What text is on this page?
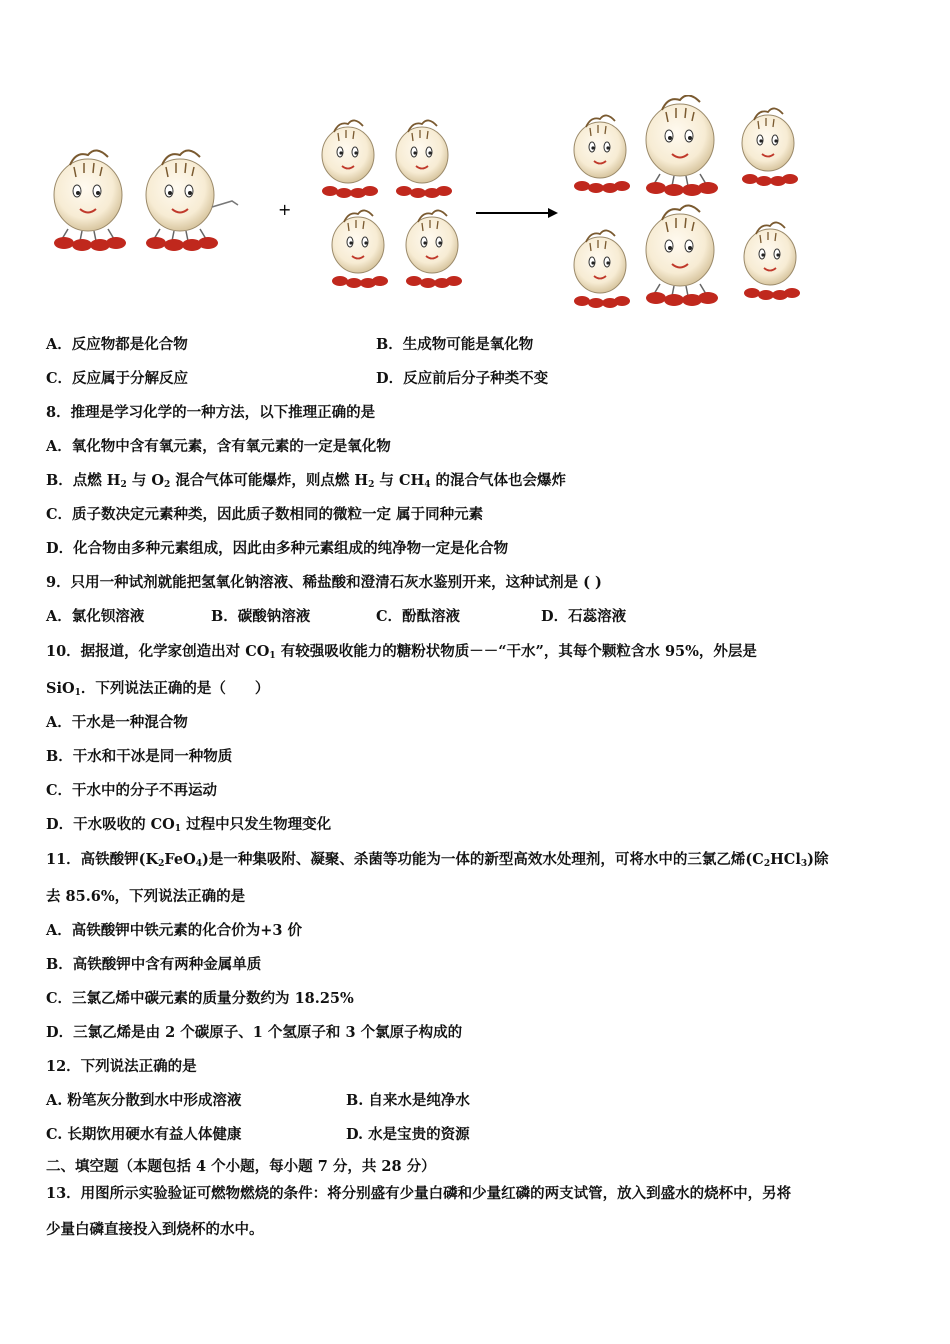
+
A．反应物都是化合物	B．生成物可能是氧化物
C．反应属于分解反应	D．反应前后分子种类不变
8．推理是学习化学的一种方法，以下推理正确的是
A．氧化物中含有氧元素，含有氧元素的一定是氧化物
B．点燃 $H_2$ 与 $O_2$ 混合气体可能爆炸，则点燃 $H_2$ 与 $CH_4$ 的混合气体也会爆炸
C．质子数决定元素种类，因此质子数相同的微粒一定 属于同种元素
D．化合物由多种元素组成，因此由多种元素组成的纯净物一定是化合物
9．只用一种试剂就能把氢氧化钠溶液、稀盐酸和澄清石灰水鉴别开来，这种试剂是 ( )
A．氯化钡溶液	B．碳酸钠溶液	C．酚酞溶液	D．石蕊溶液
10．据报道，化学家创造出对 $CO_1$ 有较强吸收能力的糖粉状物质－－“干水”，其每个颗粒含水 95%，外层是
SiO$_1$．下列说法正确的是（　　）
A．干水是一种混合物
B．干水和干冰是同一种物质
C．干水中的分子不再运动
D．干水吸收的 $CO_1$ 过程中只发生物理变化
11．高铁酸钾$(K_2FeO_4)$是一种集吸附、凝聚、杀菌等功能为一体的新型高效水处理剂，可将水中的三氯乙烯$(C_2HCl_3)$除
去 85.6%，下列说法正确的是
A．高铁酸钾中铁元素的化合价为+3 价
B．高铁酸钾中含有两种金属单质
C．三氯乙烯中碳元素的质量分数约为 18.25%
D．三氯乙烯是由 2 个碳原子、1 个氢原子和 3 个氯原子构成的
12．下列说法正确的是
A. 粉笔灰分散到水中形成溶液	B. 自来水是纯净水
C. 长期饮用硬水有益人体健康	D. 水是宝贵的资源
二、填空题（本题包括 4 个小题，每小题 7 分，共 28 分）
13．用图所示实验验证可燃物燃烧的条件：将分别盛有少量白磷和少量红磷的两支试管，放入到盛水的烧杯中，另将
少量白磷直接投入到烧杯的水中。
